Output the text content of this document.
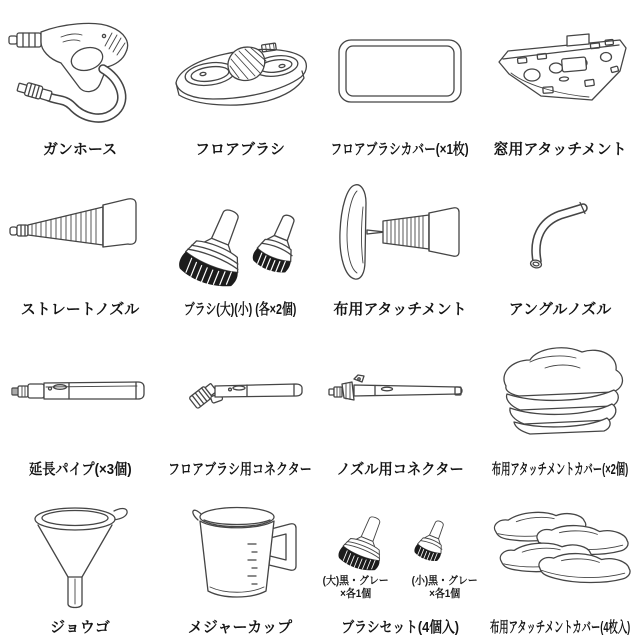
ガンホース	フロアブラシ	フロアブラシカバー(×1枚) 窓用アタッチメント
ストレートノズル	ブラシ(大)(小) (各×2個) 布用アタッチメント	アングルノズル
延長パイプ(×3個) フロアブラシ用コネクター ノズル用コネクター 布用アタッチメントカバー(×2個)
ジョウゴ	メジャーカップ
(大)黒・グレー
×各1個
(小)黒・グレー
×各1個
ブラシセット(4個入) 布用アタッチメントカバー(4枚入)
